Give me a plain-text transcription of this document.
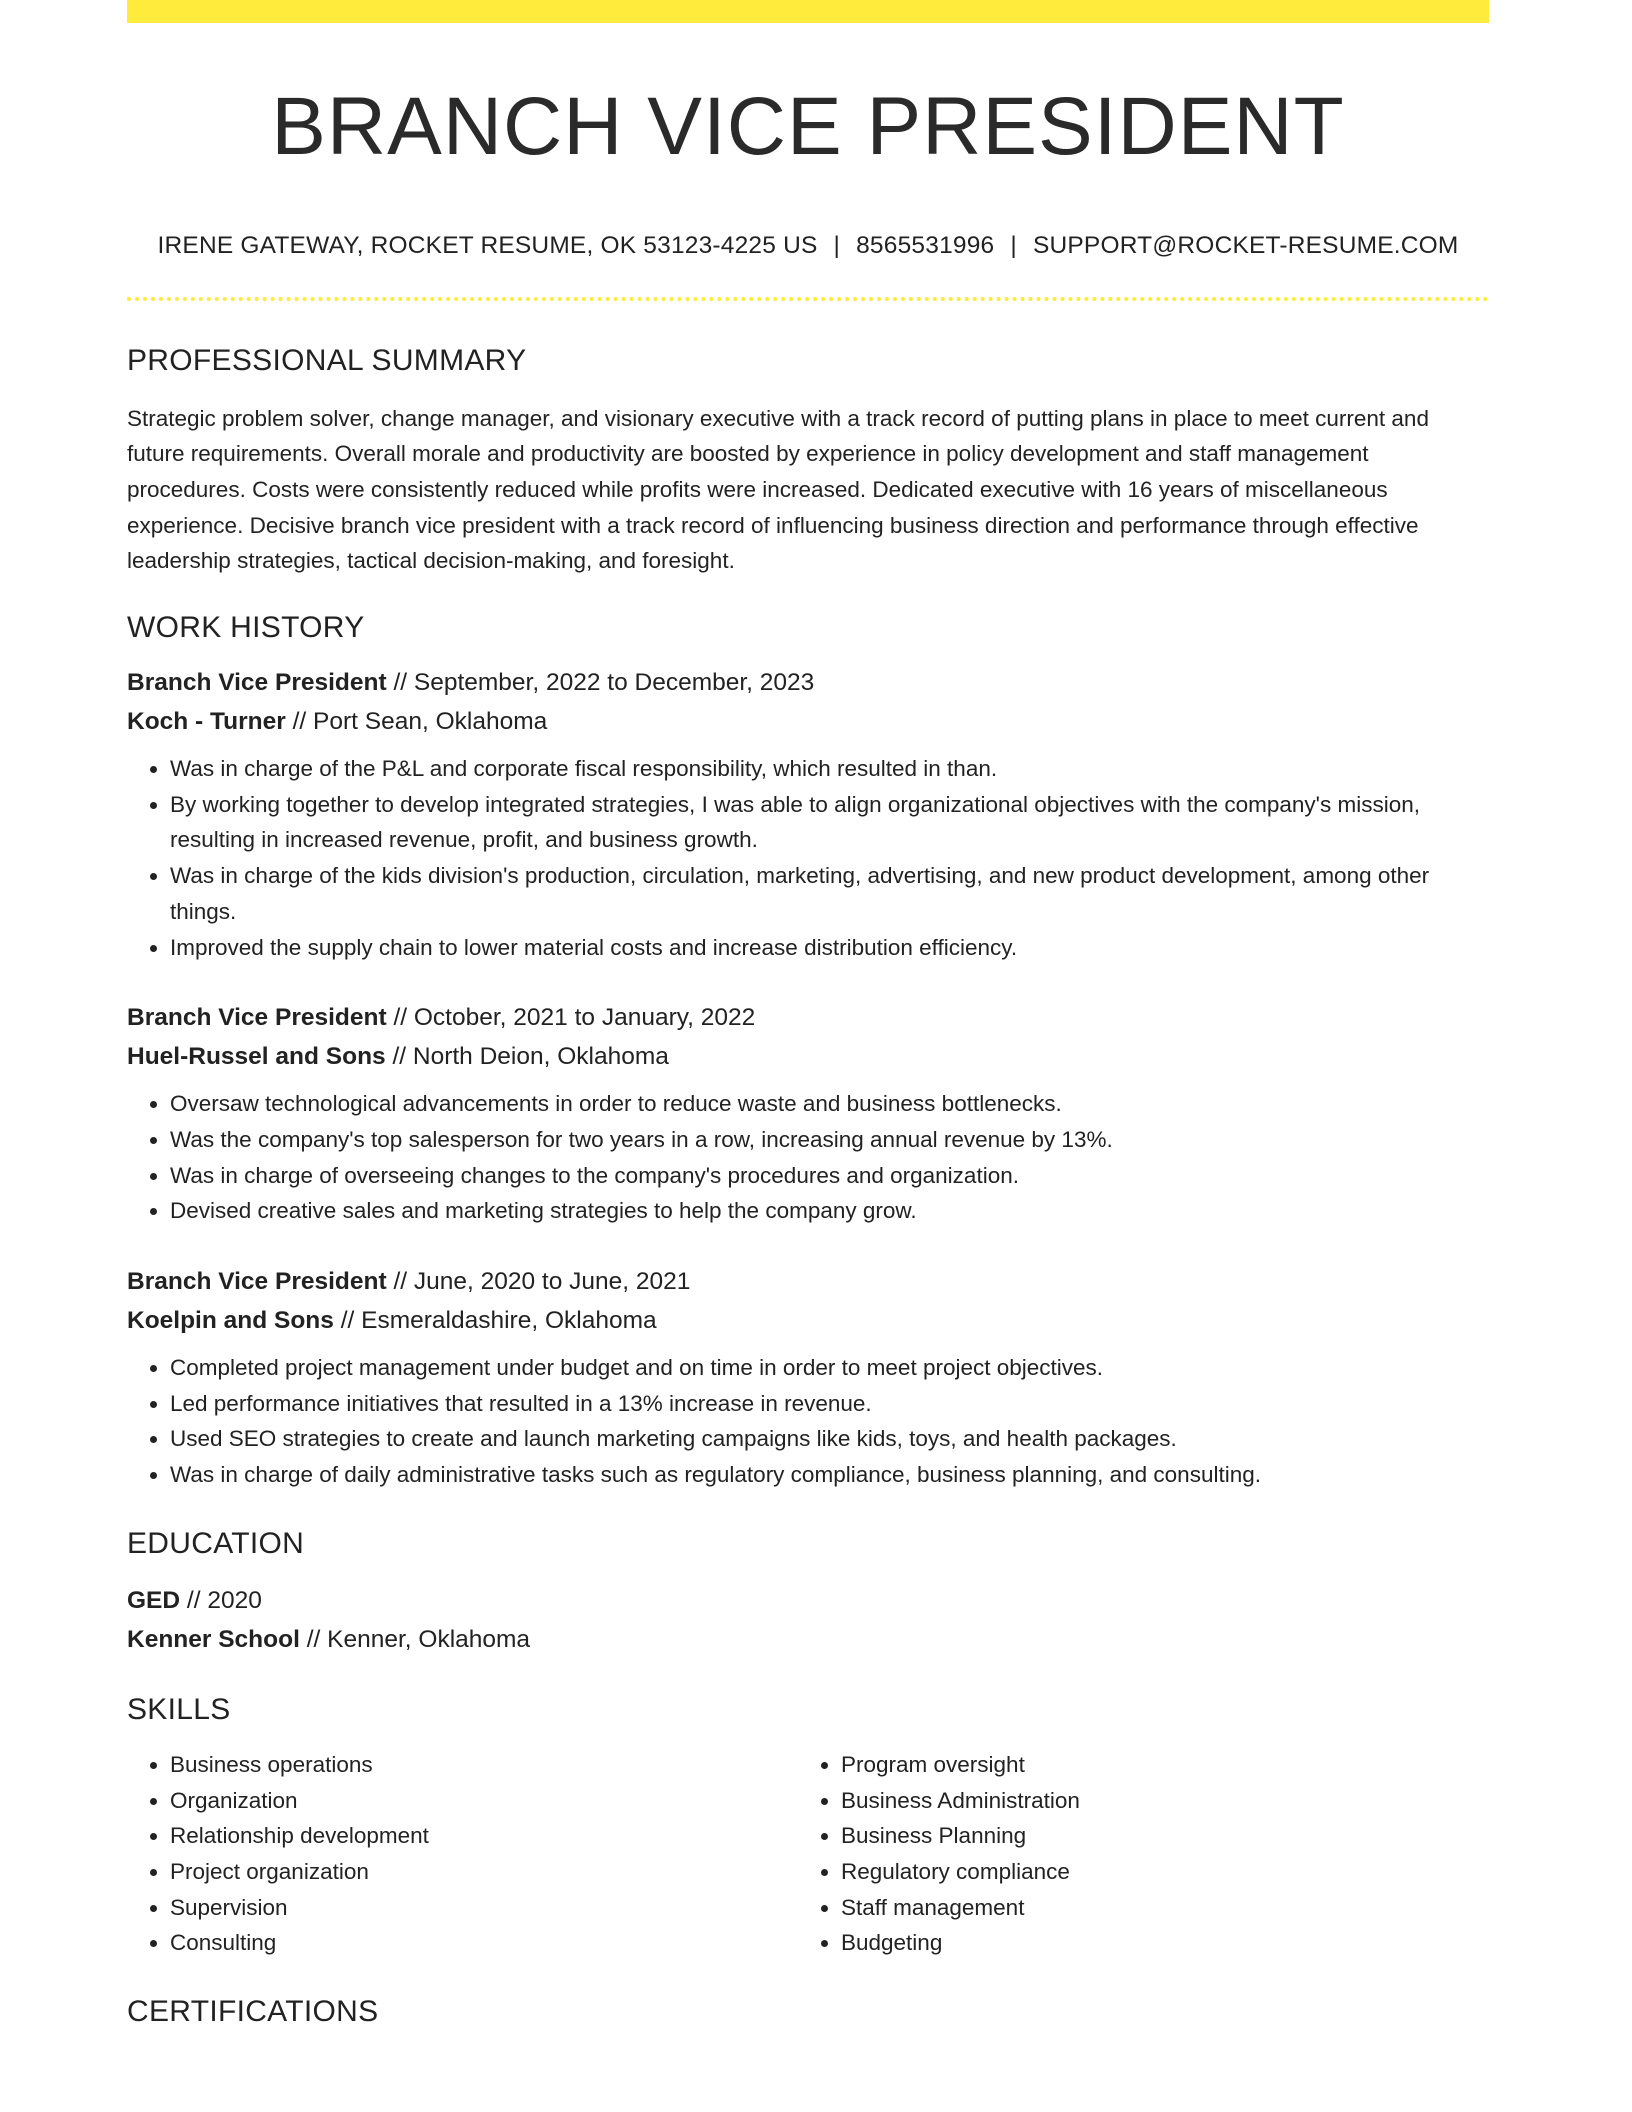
BRANCH VICE PRESIDENT
IRENE GATEWAY, ROCKET RESUME, OK 53123-4225 US | 8565531996 | SUPPORT@ROCKET-RESUME.COM
PROFESSIONAL SUMMARY
Strategic problem solver, change manager, and visionary executive with a track record of putting plans in place to meet current and future requirements. Overall morale and productivity are boosted by experience in policy development and staff management procedures. Costs were consistently reduced while profits were increased. Dedicated executive with 16 years of miscellaneous experience. Decisive branch vice president with a track record of influencing business direction and performance through effective leadership strategies, tactical decision-making, and foresight.
WORK HISTORY
Branch Vice President // September, 2022 to December, 2023
Koch - Turner // Port Sean, Oklahoma
• Was in charge of the P&L and corporate fiscal responsibility, which resulted in than.
• By working together to develop integrated strategies, I was able to align organizational objectives with the company's mission, resulting in increased revenue, profit, and business growth.
• Was in charge of the kids division's production, circulation, marketing, advertising, and new product development, among other things.
• Improved the supply chain to lower material costs and increase distribution efficiency.
Branch Vice President // October, 2021 to January, 2022
Huel-Russel and Sons // North Deion, Oklahoma
• Oversaw technological advancements in order to reduce waste and business bottlenecks.
• Was the company's top salesperson for two years in a row, increasing annual revenue by 13%.
• Was in charge of overseeing changes to the company's procedures and organization.
• Devised creative sales and marketing strategies to help the company grow.
Branch Vice President // June, 2020 to June, 2021
Koelpin and Sons // Esmeraldashire, Oklahoma
• Completed project management under budget and on time in order to meet project objectives.
• Led performance initiatives that resulted in a 13% increase in revenue.
• Used SEO strategies to create and launch marketing campaigns like kids, toys, and health packages.
• Was in charge of daily administrative tasks such as regulatory compliance, business planning, and consulting.
EDUCATION
GED // 2020
Kenner School // Kenner, Oklahoma
SKILLS
• Business operations
• Organization
• Relationship development
• Project organization
• Supervision
• Consulting
• Program oversight
• Business Administration
• Business Planning
• Regulatory compliance
• Staff management
• Budgeting
CERTIFICATIONS
